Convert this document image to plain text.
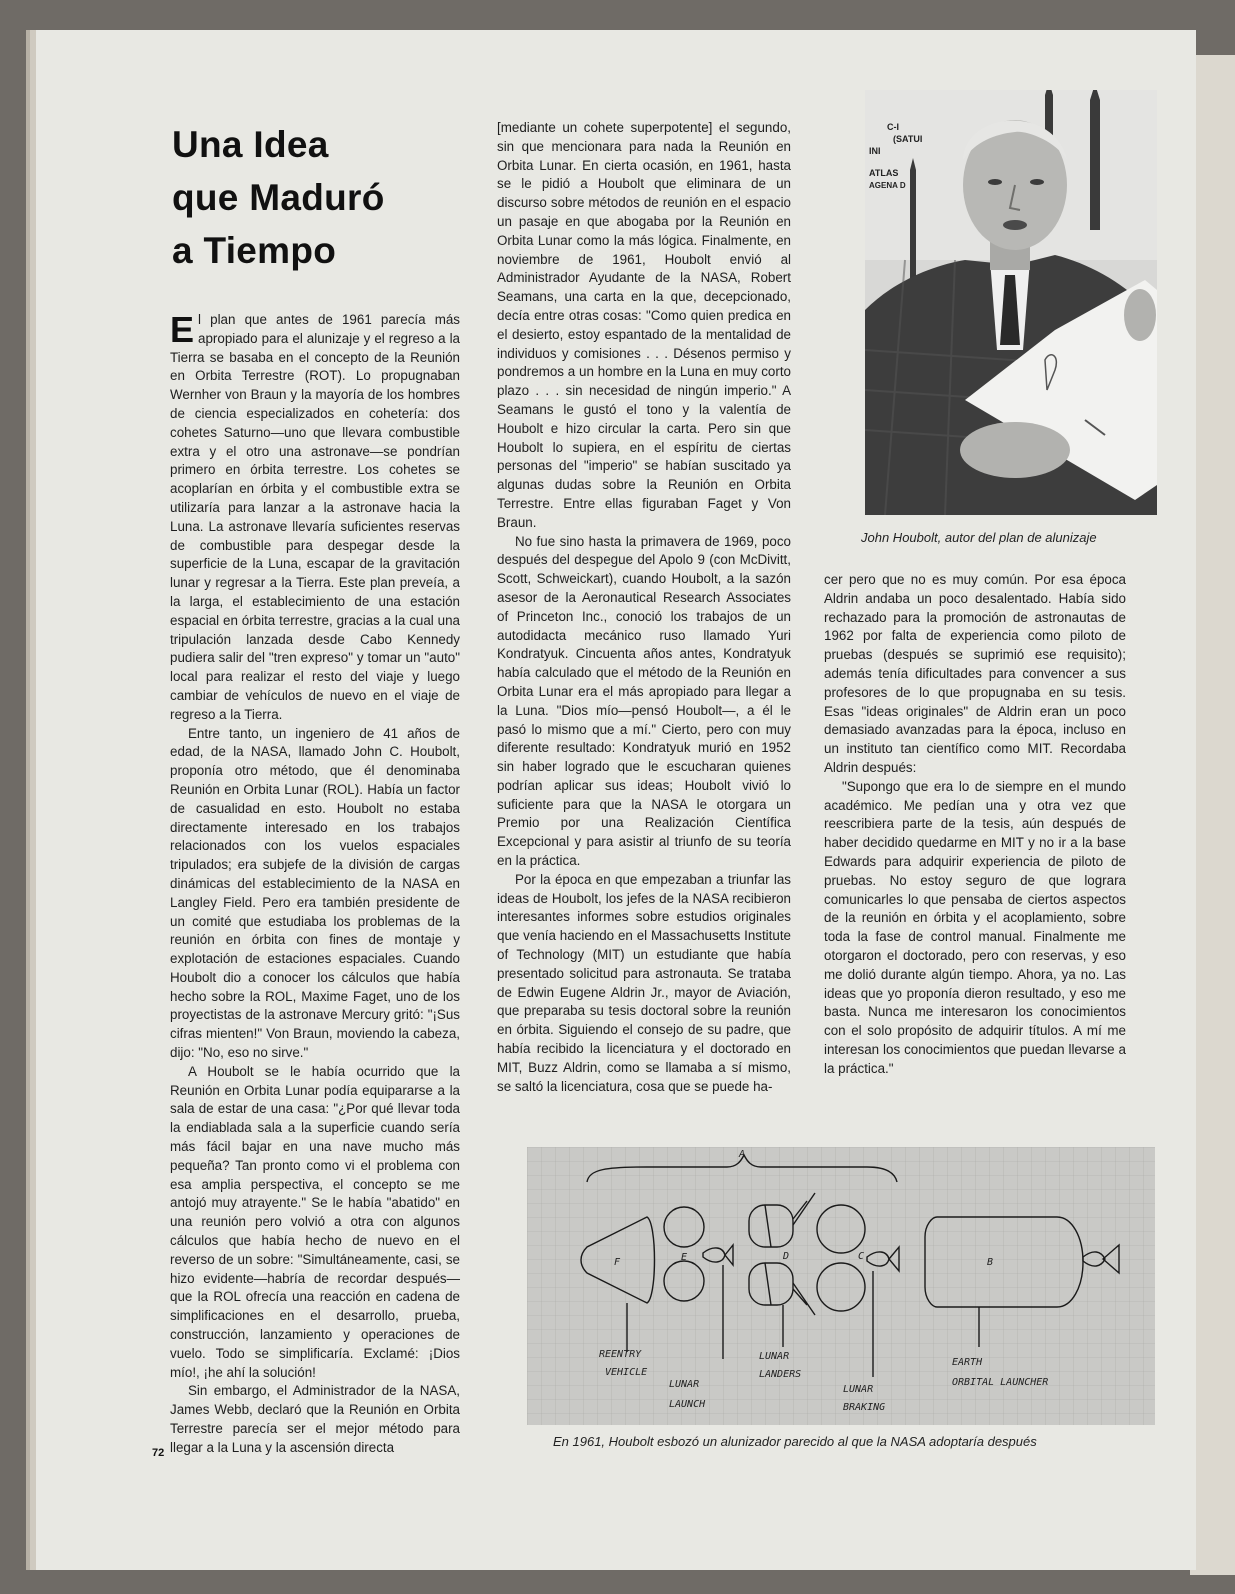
Una Idea
que Maduró
a Tiempo

El plan que antes de 1961 parecía más apropiado para el alunizaje y el regreso a la Tierra se basaba en el concepto de la Reunión en Orbita Terrestre (ROT). Lo propugnaban Wernher von Braun y la mayoría de los hombres de ciencia especializados en cohetería: dos cohetes Saturno—uno que llevara combustible extra y el otro una astronave—se pondrían primero en órbita terrestre. Los cohetes se acoplarían en órbita y el combustible extra se utilizaría para lanzar a la astronave hacia la Luna. La astronave llevaría suficientes reservas de combustible para despegar desde la superficie de la Luna, escapar de la gravitación lunar y regresar a la Tierra. Este plan preveía, a la larga, el establecimiento de una estación espacial en órbita terrestre, gracias a la cual una tripulación lanzada desde Cabo Kennedy pudiera salir del "tren expreso" y tomar un "auto" local para realizar el resto del viaje y luego cambiar de vehículos de nuevo en el viaje de regreso a la Tierra.

Entre tanto, un ingeniero de 41 años de edad, de la NASA, llamado John C. Houbolt, proponía otro método, que él denominaba Reunión en Orbita Lunar (ROL). Había un factor de casualidad en esto. Houbolt no estaba directamente interesado en los trabajos relacionados con los vuelos espaciales tripulados; era subjefe de la división de cargas dinámicas del establecimiento de la NASA en Langley Field. Pero era también presidente de un comité que estudiaba los problemas de la reunión en órbita con fines de montaje y explotación de estaciones espaciales. Cuando Houbolt dio a conocer los cálculos que había hecho sobre la ROL, Maxime Faget, uno de los proyectistas de la astronave Mercury gritó: "¡Sus cifras mienten!" Von Braun, moviendo la cabeza, dijo: "No, eso no sirve."

A Houbolt se le había ocurrido que la Reunión en Orbita Lunar podía equipararse a la sala de estar de una casa: "¿Por qué llevar toda la endiablada sala a la superficie cuando sería más fácil bajar en una nave mucho más pequeña? Tan pronto como vi el problema con esa amplia perspectiva, el concepto se me antojó muy atrayente." Se le había "abatido" en una reunión pero volvió a otra con algunos cálculos que había hecho de nuevo en el reverso de un sobre: "Simultáneamente, casi, se hizo evidente—habría de recordar después—que la ROL ofrecía una reacción en cadena de simplificaciones en el desarrollo, prueba, construcción, lanzamiento y operaciones de vuelo. Todo se simplificaría. Exclamé: ¡Dios mío!, ¡he ahí la solución!

Sin embargo, el Administrador de la NASA, James Webb, declaró que la Reunión en Orbita Terrestre parecía ser el mejor método para llegar a la Luna y la ascensión directa

[mediante un cohete superpotente] el segundo, sin que mencionara para nada la Reunión en Orbita Lunar. En cierta ocasión, en 1961, hasta se le pidió a Houbolt que eliminara de un discurso sobre métodos de reunión en el espacio un pasaje en que abogaba por la Reunión en Orbita Lunar como la más lógica. Finalmente, en noviembre de 1961, Houbolt envió al Administrador Ayudante de la NASA, Robert Seamans, una carta en la que, decepcionado, decía entre otras cosas: "Como quien predica en el desierto, estoy espantado de la mentalidad de individuos y comisiones . . . Désenos permiso y pondremos a un hombre en la Luna en muy corto plazo . . . sin necesidad de ningún imperio." A Seamans le gustó el tono y la valentía de Houbolt e hizo circular la carta. Pero sin que Houbolt lo supiera, en el espíritu de ciertas personas del "imperio" se habían suscitado ya algunas dudas sobre la Reunión en Orbita Terrestre. Entre ellas figuraban Faget y Von Braun.

No fue sino hasta la primavera de 1969, poco después del despegue del Apolo 9 (con McDivitt, Scott, Schweickart), cuando Houbolt, a la sazón asesor de la Aeronautical Research Associates of Princeton Inc., conoció los trabajos de un autodidacta mecánico ruso llamado Yuri Kondratyuk. Cincuenta años antes, Kondratyuk había calculado que el método de la Reunión en Orbita Lunar era el más apropiado para llegar a la Luna. "Dios mío—pensó Houbolt—, a él le pasó lo mismo que a mí." Cierto, pero con muy diferente resultado: Kondratyuk murió en 1952 sin haber logrado que le escucharan quienes podrían aplicar sus ideas; Houbolt vivió lo suficiente para que la NASA le otorgara un Premio por una Realización Científica Excepcional y para asistir al triunfo de su teoría en la práctica.

Por la época en que empezaban a triunfar las ideas de Houbolt, los jefes de la NASA recibieron interesantes informes sobre estudios originales que venía haciendo en el Massachusetts Institute of Technology (MIT) un estudiante que había presentado solicitud para astronauta. Se trataba de Edwin Eugene Aldrin Jr., mayor de Aviación, que preparaba su tesis doctoral sobre la reunión en órbita. Siguiendo el consejo de su padre, que había recibido la licenciatura y el doctorado en MIT, Buzz Aldrin, como se llamaba a sí mismo, se saltó la licenciatura, cosa que se puede ha-

C-I
(SATUI
INI
ATLAS
AGENA D
John Houbolt, autor del plan de alunizaje

cer pero que no es muy común. Por esa época Aldrin andaba un poco desalentado. Había sido rechazado para la promoción de astronautas de 1962 por falta de experiencia como piloto de pruebas (después se suprimió ese requisito); además tenía dificultades para convencer a sus profesores de lo que propugnaba en su tesis. Esas "ideas originales" de Aldrin eran un poco demasiado avanzadas para la época, incluso en un instituto tan científico como MIT. Recordaba Aldrin después:

"Supongo que era lo de siempre en el mundo académico. Me pedían una y otra vez que reescribiera parte de la tesis, aún después de haber decidido quedarme en MIT y no ir a la base Edwards para adquirir experiencia de piloto de pruebas. No estoy seguro de que lograra comunicarles lo que pensaba de ciertos aspectos de la reunión en órbita y el acoplamiento, sobre toda la fase de control manual. Finalmente me otorgaron el doctorado, pero con reservas, y eso me dolió durante algún tiempo. Ahora, ya no. Las ideas que yo proponía dieron resultado, y eso me basta. Nunca me interesaron los conocimientos con el solo propósito de adquirir títulos. A mí me interesan los conocimientos que puedan llevarse a la práctica."

F	E	D	C
B
A
REENTRY
VEHICLE
LUNAR
LAUNCH
LUNAR
LANDERS
LUNAR
BRAKING
EARTH
ORBITAL LAUNCHER
En 1961, Houbolt esbozó un alunizador parecido al que la NASA adoptaría después
72
